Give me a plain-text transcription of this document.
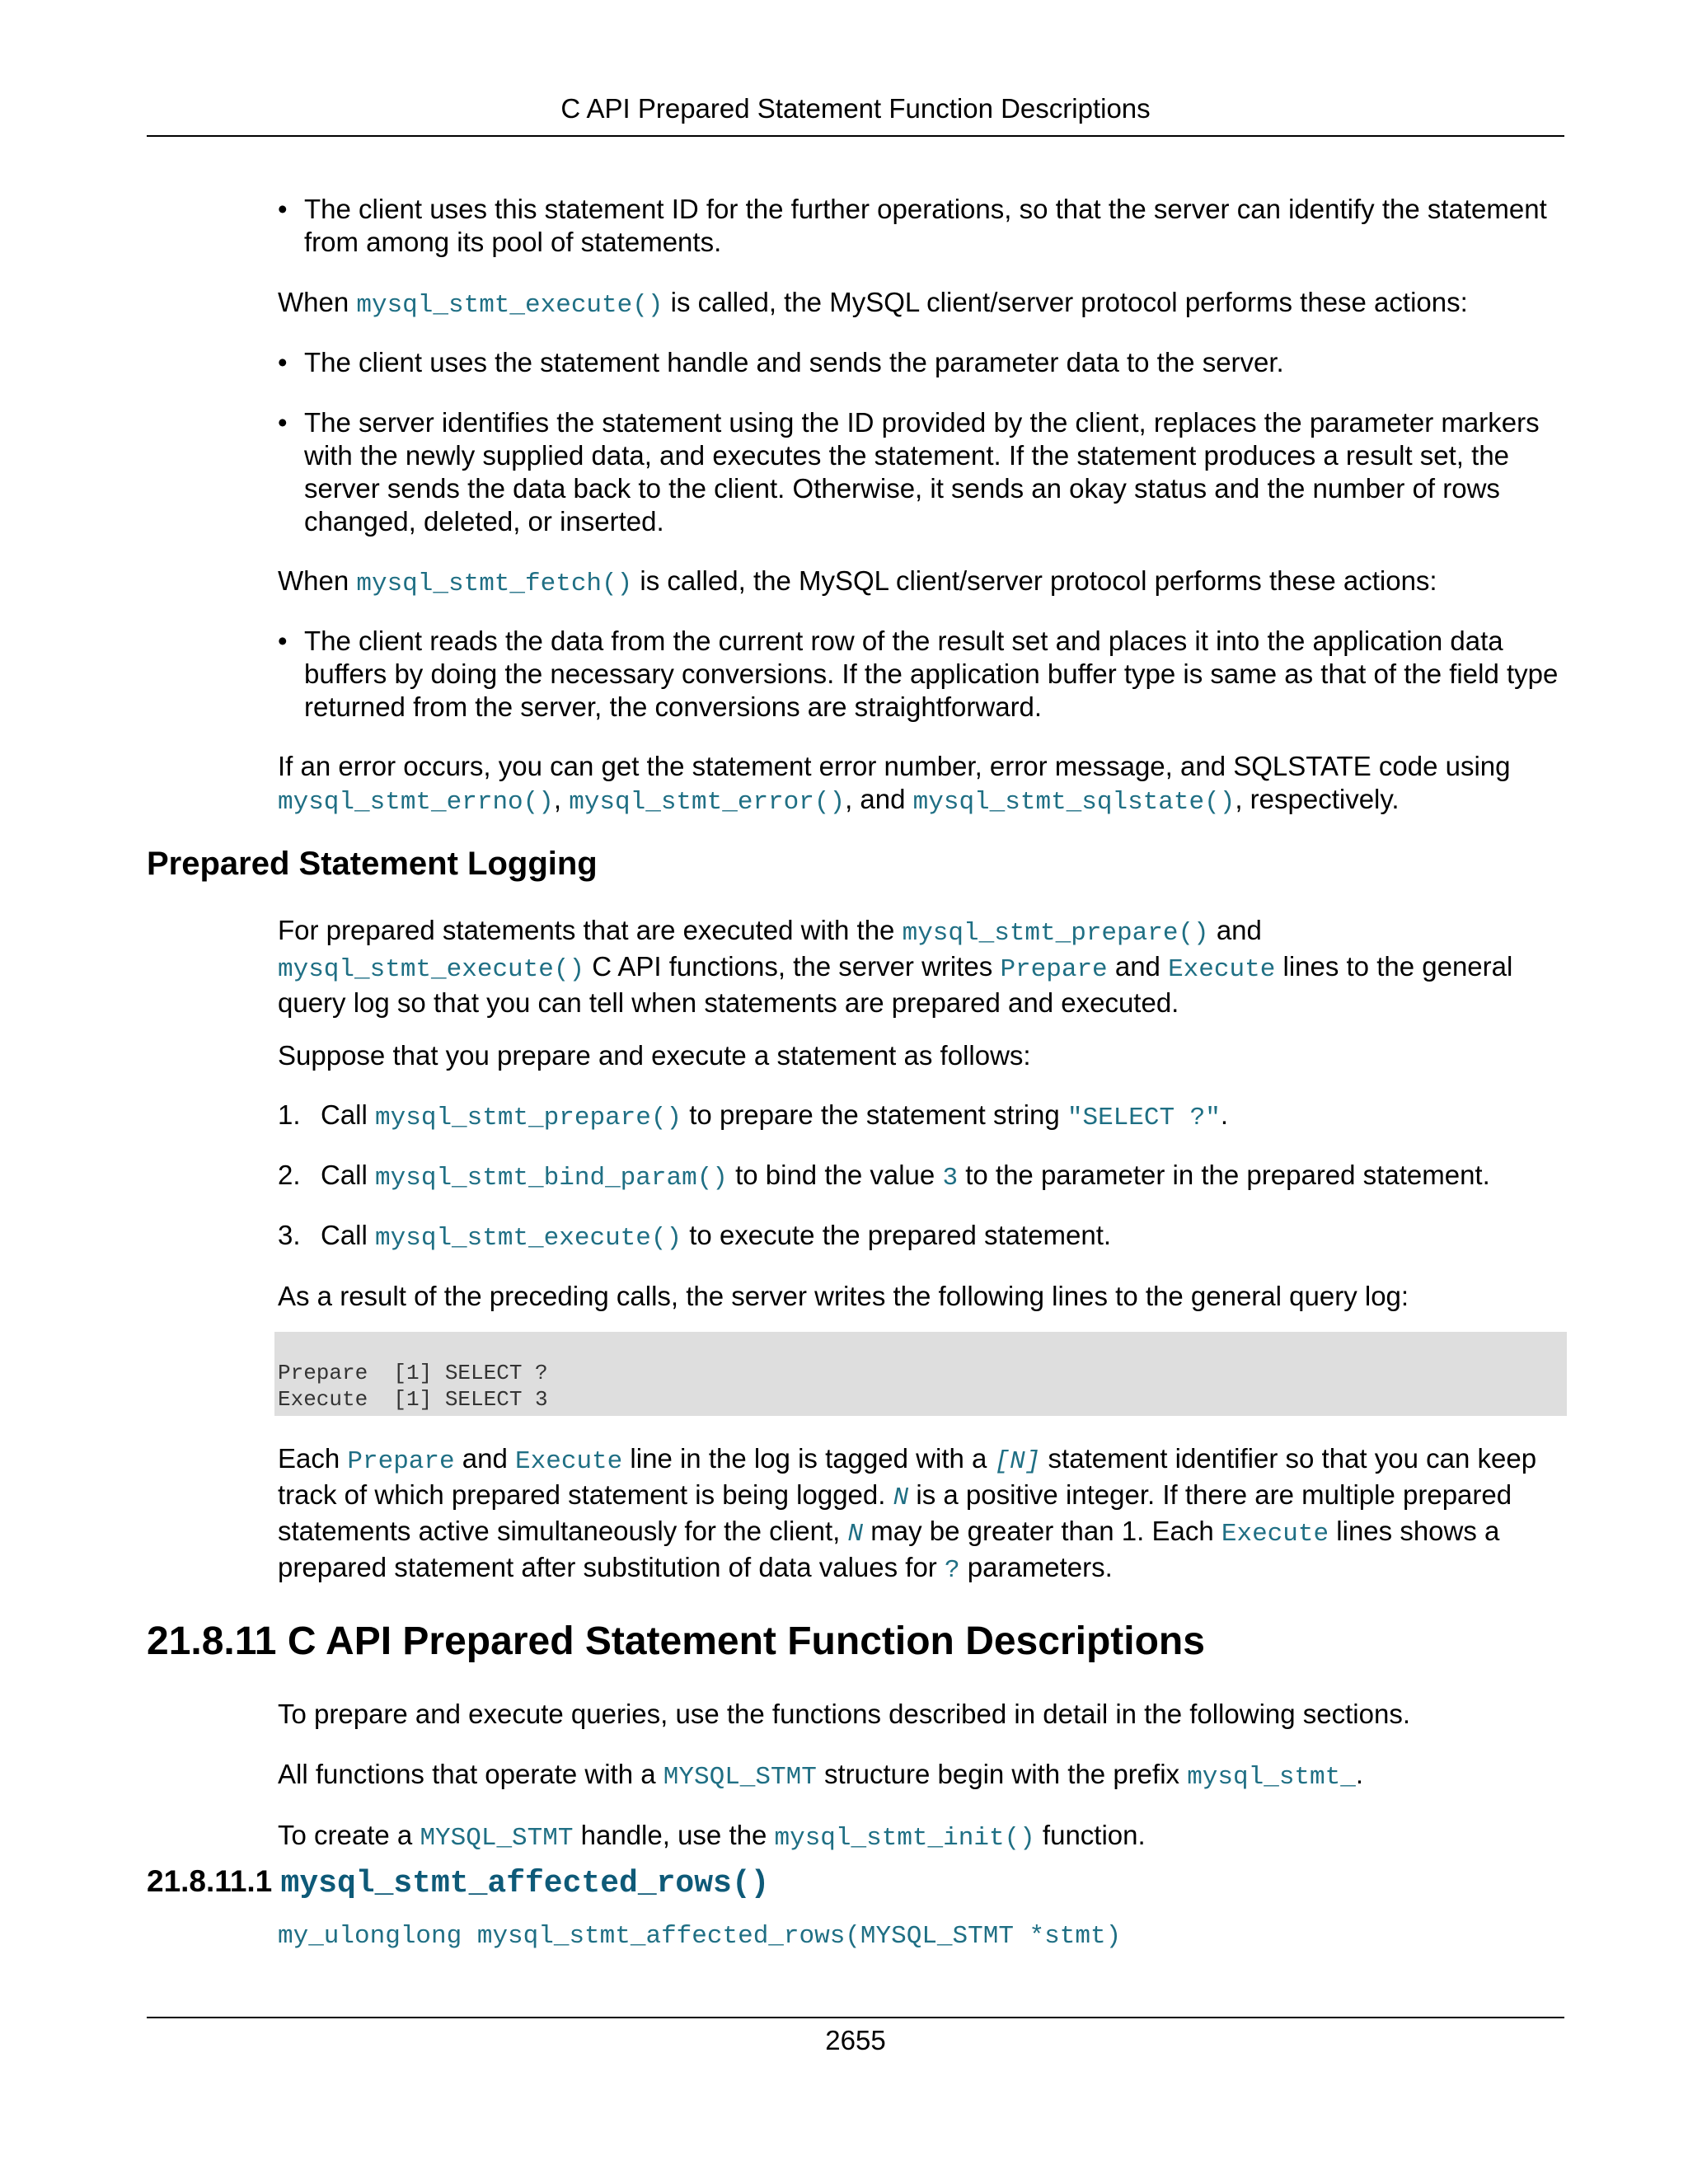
C API Prepared Statement Function Descriptions
• The client uses this statement ID for the further operations, so that the server can identify the statement from among its pool of statements.
When mysql_stmt_execute() is called, the MySQL client/server protocol performs these actions:
• The client uses the statement handle and sends the parameter data to the server.
• The server identifies the statement using the ID provided by the client, replaces the parameter markers with the newly supplied data, and executes the statement. If the statement produces a result set, the server sends the data back to the client. Otherwise, it sends an okay status and the number of rows changed, deleted, or inserted.
When mysql_stmt_fetch() is called, the MySQL client/server protocol performs these actions:
• The client reads the data from the current row of the result set and places it into the application data buffers by doing the necessary conversions. If the application buffer type is same as that of the field type returned from the server, the conversions are straightforward.
If an error occurs, you can get the statement error number, error message, and SQLSTATE code using mysql_stmt_errno(), mysql_stmt_error(), and mysql_stmt_sqlstate(), respectively.
Prepared Statement Logging
For prepared statements that are executed with the mysql_stmt_prepare() and mysql_stmt_execute() C API functions, the server writes Prepare and Execute lines to the general query log so that you can tell when statements are prepared and executed.
Suppose that you prepare and execute a statement as follows:
1. Call mysql_stmt_prepare() to prepare the statement string "SELECT ?".
2. Call mysql_stmt_bind_param() to bind the value 3 to the parameter in the prepared statement.
3. Call mysql_stmt_execute() to execute the prepared statement.
As a result of the preceding calls, the server writes the following lines to the general query log:
Prepare  [1] SELECT ?
Execute  [1] SELECT 3
Each Prepare and Execute line in the log is tagged with a [N] statement identifier so that you can keep track of which prepared statement is being logged. N is a positive integer. If there are multiple prepared statements active simultaneously for the client, N may be greater than 1. Each Execute lines shows a prepared statement after substitution of data values for ? parameters.
21.8.11 C API Prepared Statement Function Descriptions
To prepare and execute queries, use the functions described in detail in the following sections.
All functions that operate with a MYSQL_STMT structure begin with the prefix mysql_stmt_.
To create a MYSQL_STMT handle, use the mysql_stmt_init() function.
21.8.11.1 mysql_stmt_affected_rows()
my_ulonglong mysql_stmt_affected_rows(MYSQL_STMT *stmt)
2655
